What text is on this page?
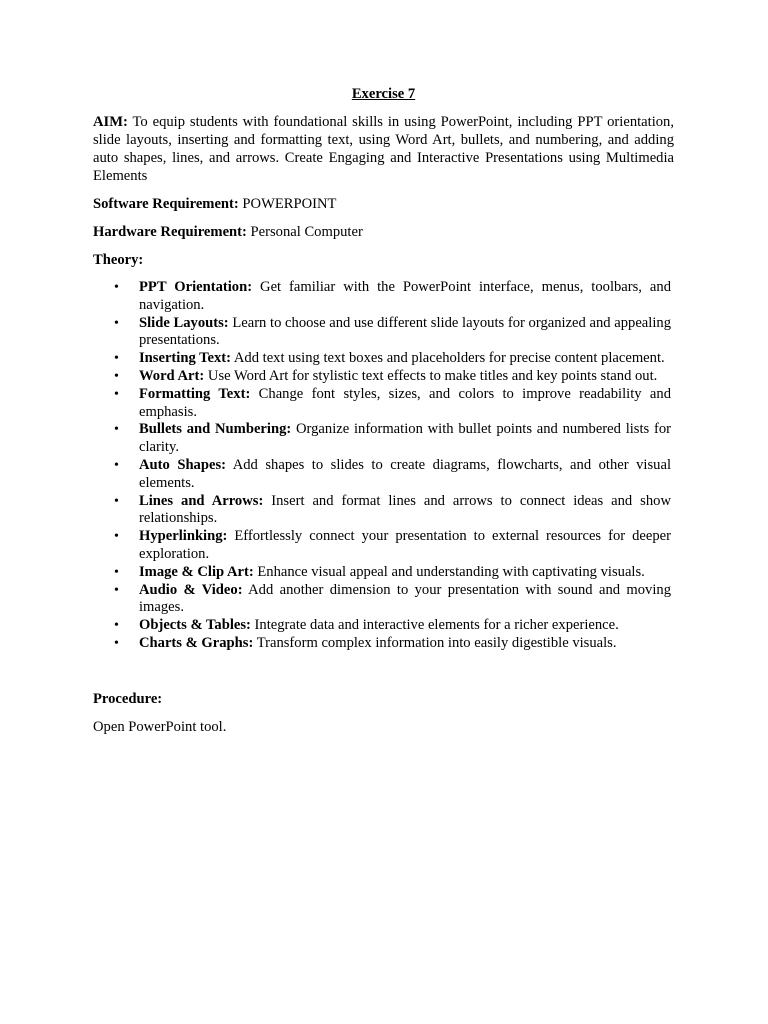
Exercise 7

AIM: To equip students with foundational skills in using PowerPoint, including PPT orientation, slide layouts, inserting and formatting text, using Word Art, bullets, and numbering, and adding auto shapes, lines, and arrows. Create Engaging and Interactive Presentations using Multimedia Elements

Software Requirement: POWERPOINT

Hardware Requirement: Personal Computer

Theory:

• PPT Orientation: Get familiar with the PowerPoint interface, menus, toolbars, and navigation.
• Slide Layouts: Learn to choose and use different slide layouts for organized and appealing presentations.
• Inserting Text: Add text using text boxes and placeholders for precise content placement.
• Word Art: Use Word Art for stylistic text effects to make titles and key points stand out.
• Formatting Text: Change font styles, sizes, and colors to improve readability and emphasis.
• Bullets and Numbering: Organize information with bullet points and numbered lists for clarity.
• Auto Shapes: Add shapes to slides to create diagrams, flowcharts, and other visual elements.
• Lines and Arrows: Insert and format lines and arrows to connect ideas and show relationships.
• Hyperlinking: Effortlessly connect your presentation to external resources for deeper exploration.
• Image & Clip Art: Enhance visual appeal and understanding with captivating visuals.
• Audio & Video: Add another dimension to your presentation with sound and moving images.
• Objects & Tables: Integrate data and interactive elements for a richer experience.
• Charts & Graphs: Transform complex information into easily digestible visuals.

Procedure:

Open PowerPoint tool.
